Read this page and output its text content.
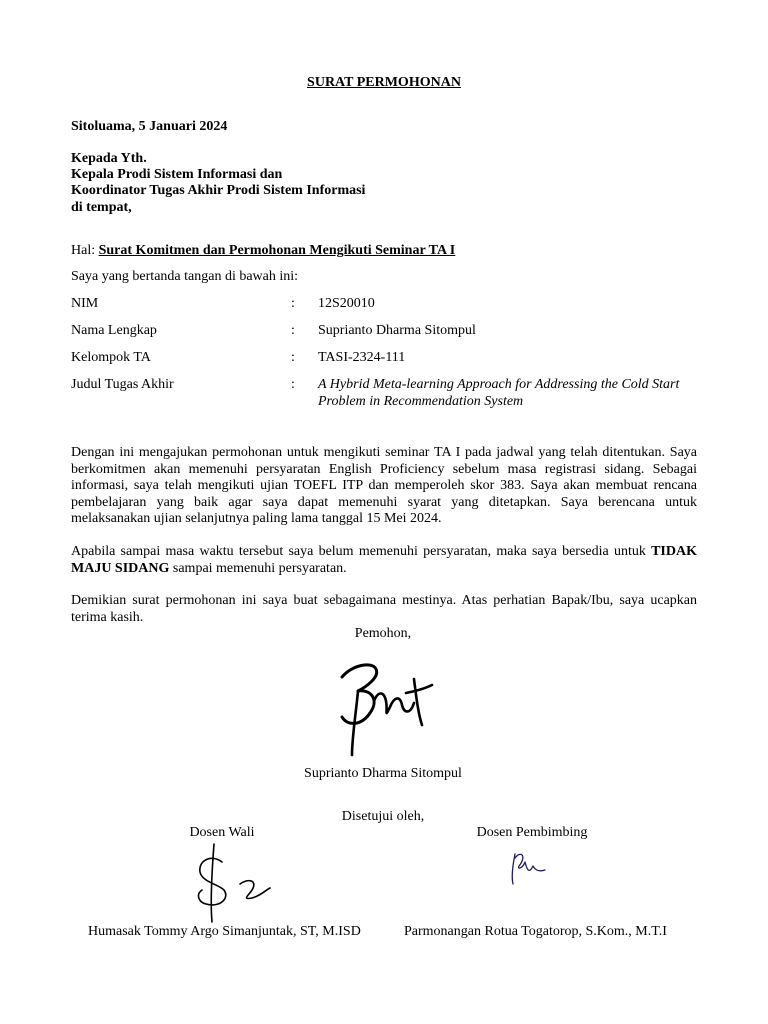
SURAT PERMOHONAN
Sitoluama, 5 Januari 2024
Kepada Yth.
Kepala Prodi Sistem Informasi dan
Koordinator Tugas Akhir Prodi Sistem Informasi
di tempat,
Hal: Surat Komitmen dan Permohonan Mengikuti Seminar TA I
Saya yang bertanda tangan di bawah ini:
NIM	: 12S20010
Nama Lengkap	: Suprianto Dharma Sitompul
Kelompok TA	: TASI-2324-111
Judul Tugas Akhir	: A Hybrid Meta-learning Approach for Addressing the Cold Start
Problem in Recommendation System
Dengan ini mengajukan permohonan untuk mengikuti seminar TA I pada jadwal yang telah ditentukan. Saya berkomitmen akan memenuhi persyaratan English Proficiency sebelum masa registrasi sidang. Sebagai informasi, saya telah mengikuti ujian TOEFL ITP dan memperoleh skor 383. Saya akan membuat rencana pembelajaran yang baik agar saya dapat memenuhi syarat yang ditetapkan. Saya berencana untuk melaksanakan ujian selanjutnya paling lama tanggal 15 Mei 2024.
Apabila sampai masa waktu tersebut saya belum memenuhi persyaratan, maka saya bersedia untuk TIDAK MAJU SIDANG sampai memenuhi persyaratan.
Demikian surat permohonan ini saya buat sebagaimana mestinya. Atas perhatian Bapak/Ibu, saya ucapkan terima kasih.
Pemohon,
Suprianto Dharma Sitompul
Disetujui oleh,
Dosen Wali	Dosen Pembimbing
Humasak Tommy Argo Simanjuntak, ST, M.ISD	Parmonangan Rotua Togatorop, S.Kom., M.T.I
